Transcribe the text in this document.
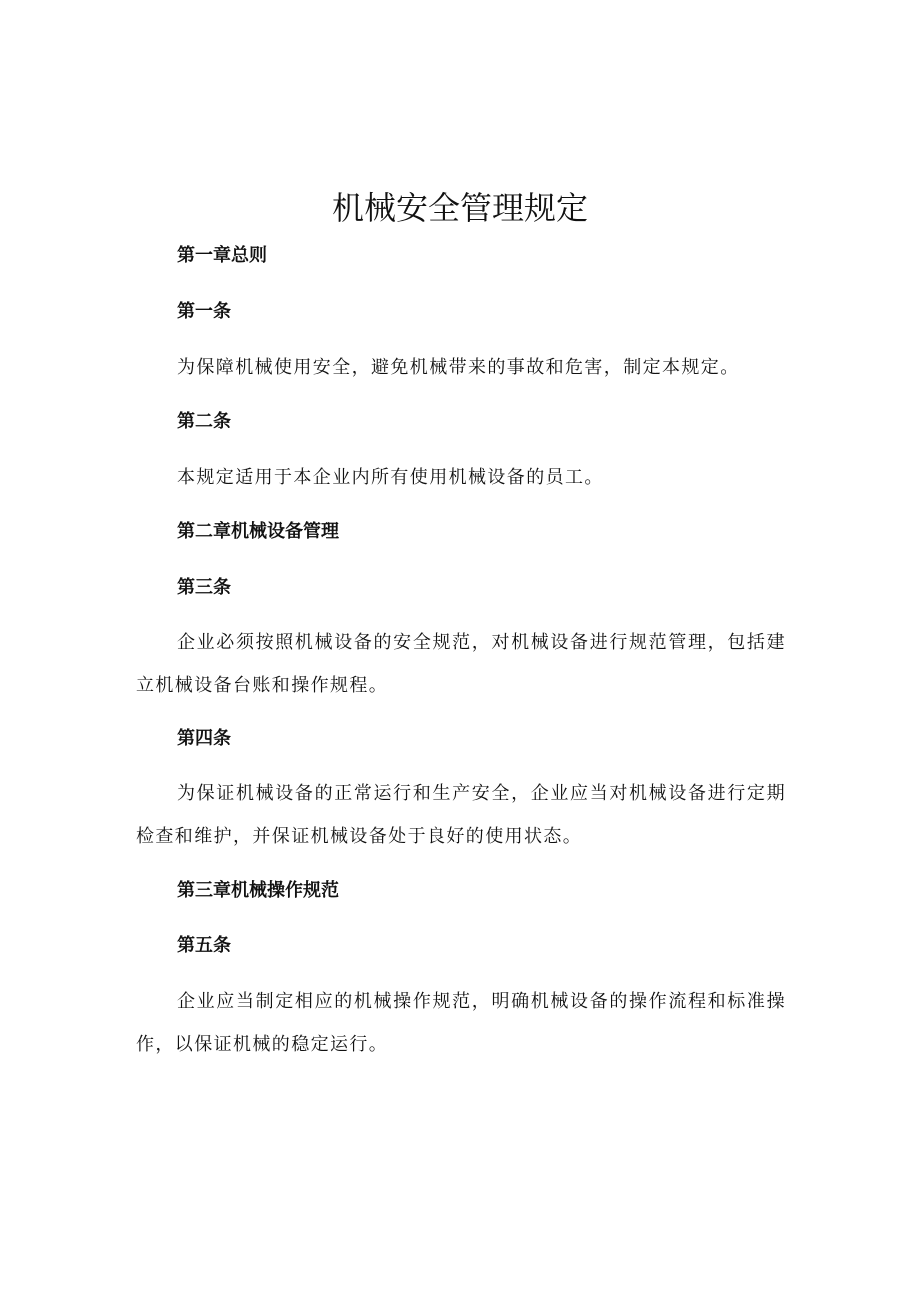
机械安全管理规定
第一章总则
第一条

为保障机械使用安全，避免机械带来的事故和危害，制定本规定。

第二条

本规定适用于本企业内所有使用机械设备的员工。

第二章机械设备管理
第三条

企业必须按照机械设备的安全规范，对机械设备进行规范管理，包括建立机械设备台账和操作规程。

第四条

为保证机械设备的正常运行和生产安全，企业应当对机械设备进行定期检查和维护，并保证机械设备处于良好的使用状态。

第三章机械操作规范
第五条

企业应当制定相应的机械操作规范，明确机械设备的操作流程和标准操作，以保证机械的稳定运行。
